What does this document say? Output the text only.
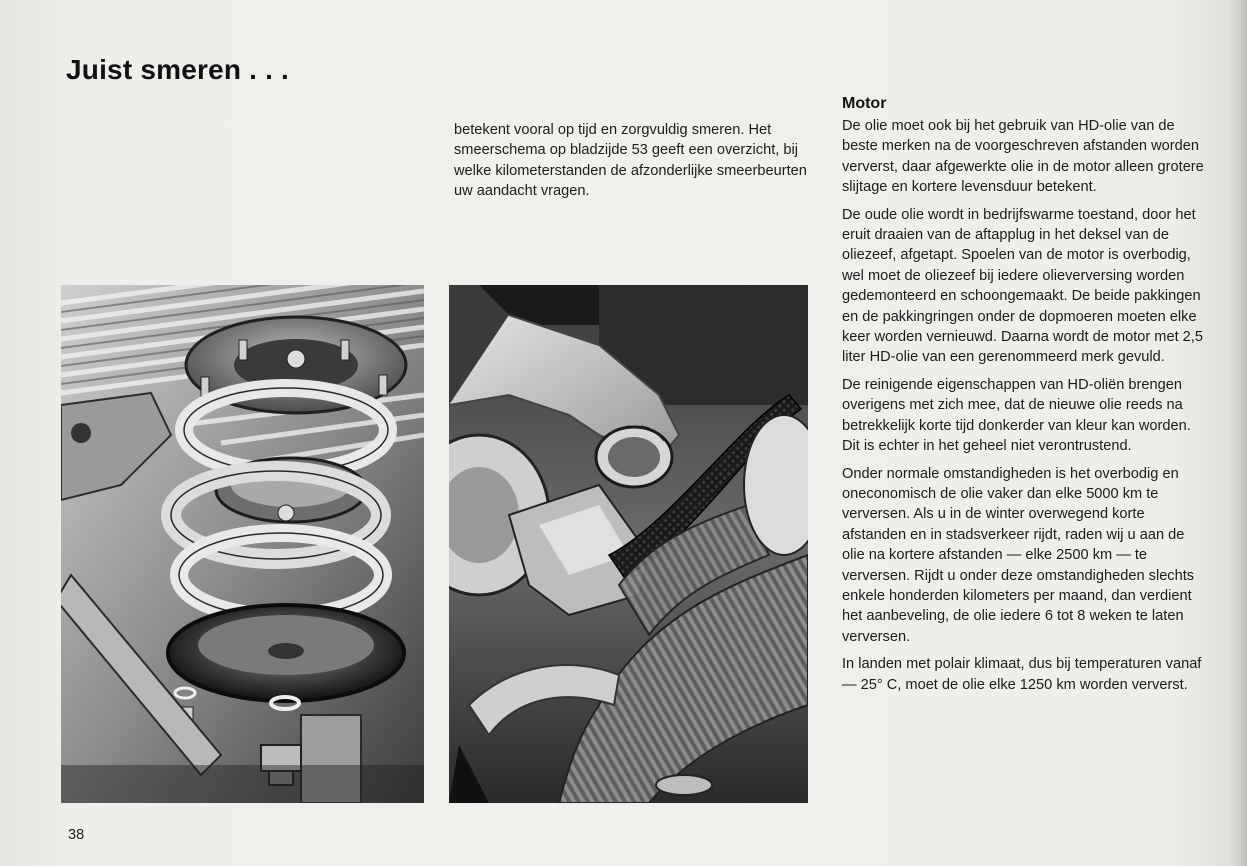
Juist smeren . . .

betekent vooral op tijd en zorgvuldig smeren. Het smeerschema op bladzijde 53 geeft een overzicht, bij welke kilometerstanden de afzonderlijke smeerbeurten uw aandacht vragen.

Motor

De olie moet ook bij het gebruik van HD-olie van de beste merken na de voorgeschreven afstanden worden ververst, daar afgewerkte olie in de motor alleen grotere slijtage en kortere levensduur betekent.

De oude olie wordt in bedrijfswarme toestand, door het eruit draaien van de aftapplug in het deksel van de oliezeef, afgetapt. Spoelen van de motor is overbodig, wel moet de oliezeef bij iedere olieverversing worden gedemonteerd en schoongemaakt. De beide pakkingen en de pakkingringen onder de dopmoeren moeten elke keer worden vernieuwd. Daarna wordt de motor met 2,5 liter HD-olie van een gerenommeerd merk gevuld.

De reinigende eigenschappen van HD-oliën brengen overigens met zich mee, dat de nieuwe olie reeds na betrekkelijk korte tijd donkerder van kleur kan worden. Dit is echter in het geheel niet verontrustend.

Onder normale omstandigheden is het overbodig en oneconomisch de olie vaker dan elke 5000 km te verversen. Als u in de winter overwegend korte afstanden en in stadsverkeer rijdt, raden wij u aan de olie na kortere afstanden — elke 2500 km — te verversen. Rijdt u onder deze omstandigheden slechts enkele honderden kilometers per maand, dan verdient het aanbeveling, de olie iedere 6 tot 8 weken te laten verversen.

In landen met polair klimaat, dus bij temperaturen vanaf — 25° C, moet de olie elke 1250 km worden ververst.

38
